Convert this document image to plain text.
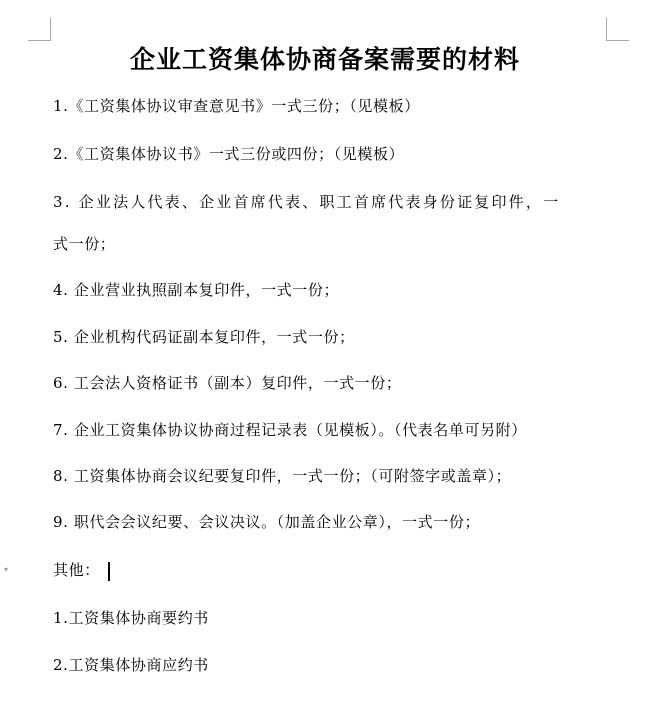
企业工资集体协商备案需要的材料
1.《工资集体协议审查意见书》一式三份；（见模板）
2.《工资集体协议书》一式三份或四份；（见模板）
3. 企业法人代表、企业首席代表、职工首席代表身份证复印件，一
式一份；
4. 企业营业执照副本复印件，一式一份；
5. 企业机构代码证副本复印件，一式一份；
6. 工会法人资格证书（副本）复印件，一式一份；
7. 企业工资集体协议协商过程记录表（见模板）。（代表名单可另附）
8. 工资集体协商会议纪要复印件，一式一份；（可附签字或盖章）；
9. 职代会会议纪要、会议决议。（加盖企业公章），一式一份；
▾	其他：
1.工资集体协商要约书
2.工资集体协商应约书
